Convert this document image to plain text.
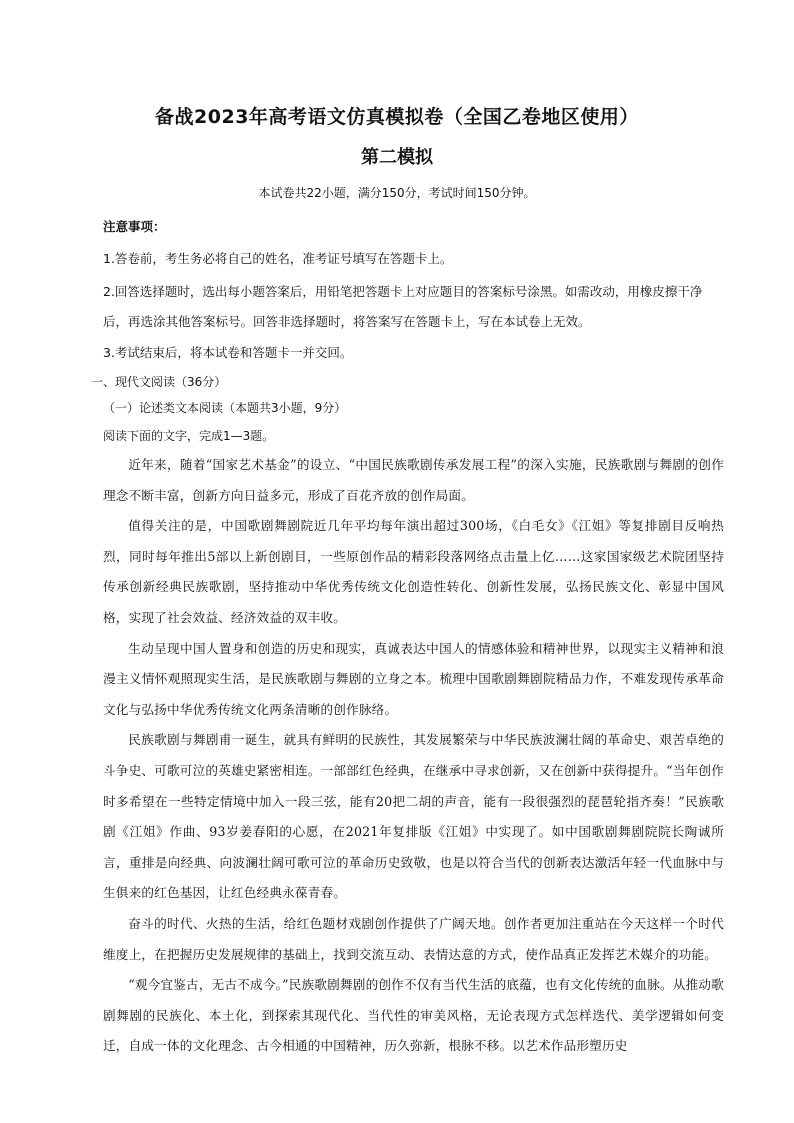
备战2023年高考语文仿真模拟卷（全国乙卷地区使用）
第二模拟
本试卷共22小题，满分150分，考试时间150分钟。
注意事项：
1.答卷前，考生务必将自己的姓名，准考证号填写在答题卡上。
2.回答选择题时，选出每小题答案后，用铅笔把答题卡上对应题目的答案标号涂黑。如需改动，用橡皮擦干净后，再选涂其他答案标号。回答非选择题时，将答案写在答题卡上，写在本试卷上无效。
3.考试结束后，将本试卷和答题卡一并交回。
一、现代文阅读（36分）
（一）论述类文本阅读（本题共3小题，9分）
阅读下面的文字，完成1—3题。

近年来，随着“国家艺术基金”的设立、“中国民族歌剧传承发展工程”的深入实施，民族歌剧与舞剧的创作理念不断丰富，创新方向日益多元，形成了百花齐放的创作局面。

值得关注的是，中国歌剧舞剧院近几年平均每年演出超过300场，《白毛女》《江姐》等复排剧目反响热烈，同时每年推出5部以上新创剧目，一些原创作品的精彩段落网络点击量上亿……这家国家级艺术院团坚持传承创新经典民族歌剧，坚持推动中华优秀传统文化创造性转化、创新性发展，弘扬民族文化、彰显中国风格，实现了社会效益、经济效益的双丰收。

生动呈现中国人置身和创造的历史和现实，真诚表达中国人的情感体验和精神世界，以现实主义精神和浪漫主义情怀观照现实生活，是民族歌剧与舞剧的立身之本。梳理中国歌剧舞剧院精品力作，不难发现传承革命文化与弘扬中华优秀传统文化两条清晰的创作脉络。

民族歌剧与舞剧甫一诞生，就具有鲜明的民族性，其发展繁荣与中华民族波澜壮阔的革命史、艰苦卓绝的斗争史、可歌可泣的英雄史紧密相连。一部部红色经典，在继承中寻求创新，又在创新中获得提升。“当年创作时多希望在一些特定情境中加入一段三弦，能有20把二胡的声音，能有一段很强烈的琵琶轮指齐奏！”民族歌剧《江姐》作曲、93岁姜春阳的心愿，在2021年复排版《江姐》中实现了。如中国歌剧舞剧院院长陶诚所言，重排是向经典、向波澜壮阔可歌可泣的革命历史致敬，也是以符合当代的创新表达激活年轻一代血脉中与生俱来的红色基因，让红色经典永葆青春。

奋斗的时代、火热的生活，给红色题材戏剧创作提供了广阔天地。创作者更加注重站在今天这样一个时代维度上，在把握历史发展规律的基础上，找到交流互动、表情达意的方式，使作品真正发挥艺术媒介的功能。

“观今宜鉴古，无古不成今。”民族歌剧舞剧的创作不仅有当代生活的底蕴，也有文化传统的血脉。从推动歌剧舞剧的民族化、本土化，到探索其现代化、当代性的审美风格，无论表现方式怎样迭代、美学逻辑如何变迁，自成一体的文化理念、古今相通的中国精神，历久弥新，根脉不移。以艺术作品形塑历史
